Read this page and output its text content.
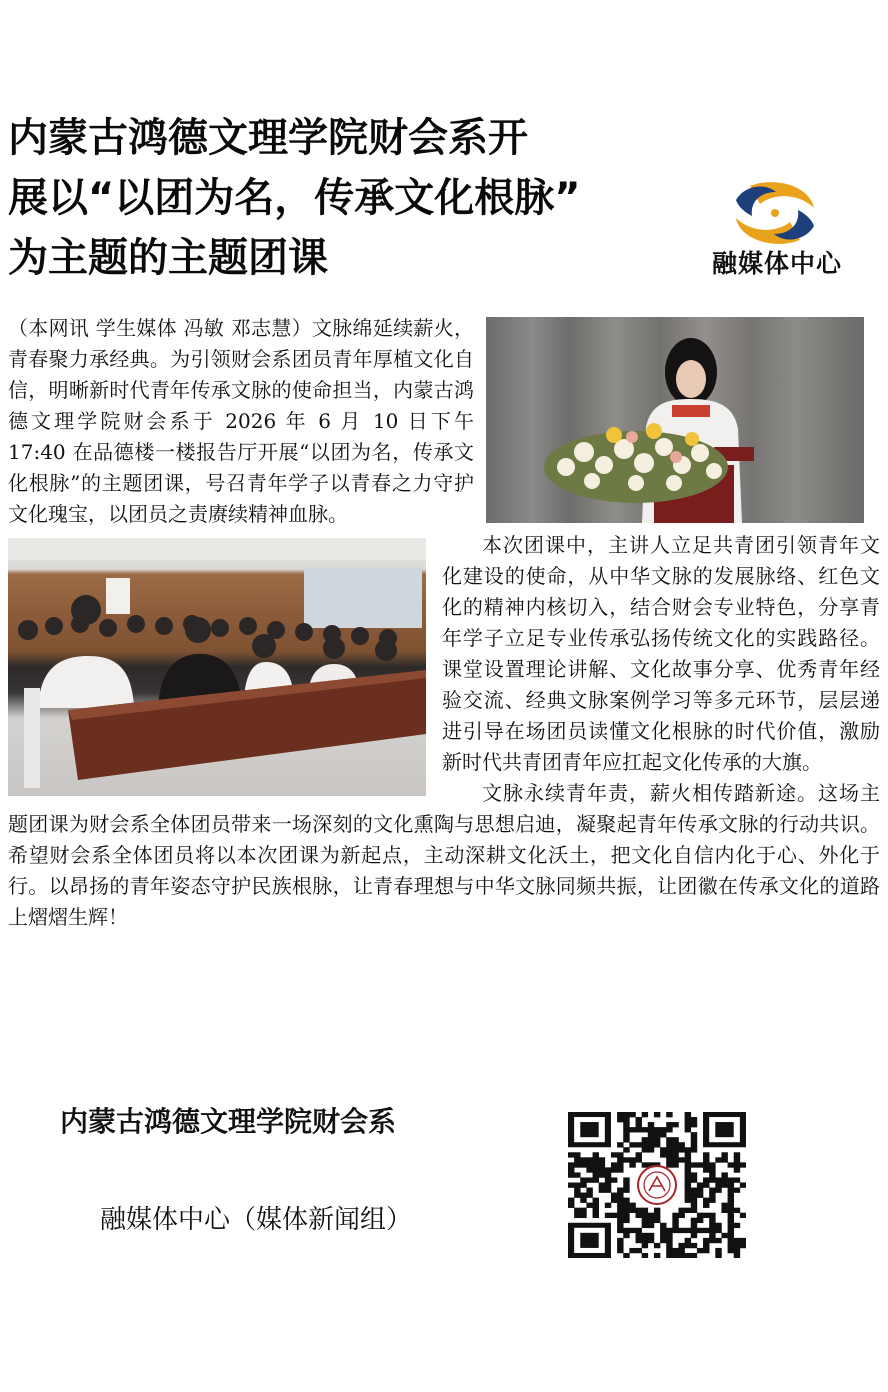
内蒙古鸿德文理学院财会系开
展以“以团为名，传承文化根脉”
为主题的主题团课	融媒体中心

（本网讯 学生媒体 冯敏 邓志慧）文脉绵延续薪火，青春聚力承经典。为引领财会系团员青年厚植文化自信，明晰新时代青年传承文脉的使命担当，内蒙古鸿德文理学院财会系于 2026 年 6 月 10 日下午 17:40 在品德楼一楼报告厅开展“以团为名，传承文化根脉”的主题团课，号召青年学子以青春之力守护文化瑰宝，以团员之责赓续精神血脉。

本次团课中，主讲人立足共青团引领青年文化建设的使命，从中华文脉的发展脉络、红色文化的精神内核切入，结合财会专业特色，分享青年学子立足专业传承弘扬传统文化的实践路径。课堂设置理论讲解、文化故事分享、优秀青年经验交流、经典文脉案例学习等多元环节，层层递进引导在场团员读懂文化根脉的时代价值，激励新时代共青团青年应扛起文化传承的大旗。

文脉永续青年责，薪火相传踏新途。这场主题团课为财会系全体团员带来一场深刻的文化熏陶与思想启迪，凝聚起青年传承文脉的行动共识。希望财会系全体团员将以本次团课为新起点，主动深耕文化沃土，把文化自信内化于心、外化于行。以昂扬的青年姿态守护民族根脉，让青春理想与中华文脉同频共振，让团徽在传承文化的道路上熠熠生辉！

内蒙古鸿德文理学院财会系

融媒体中心（媒体新闻组）
